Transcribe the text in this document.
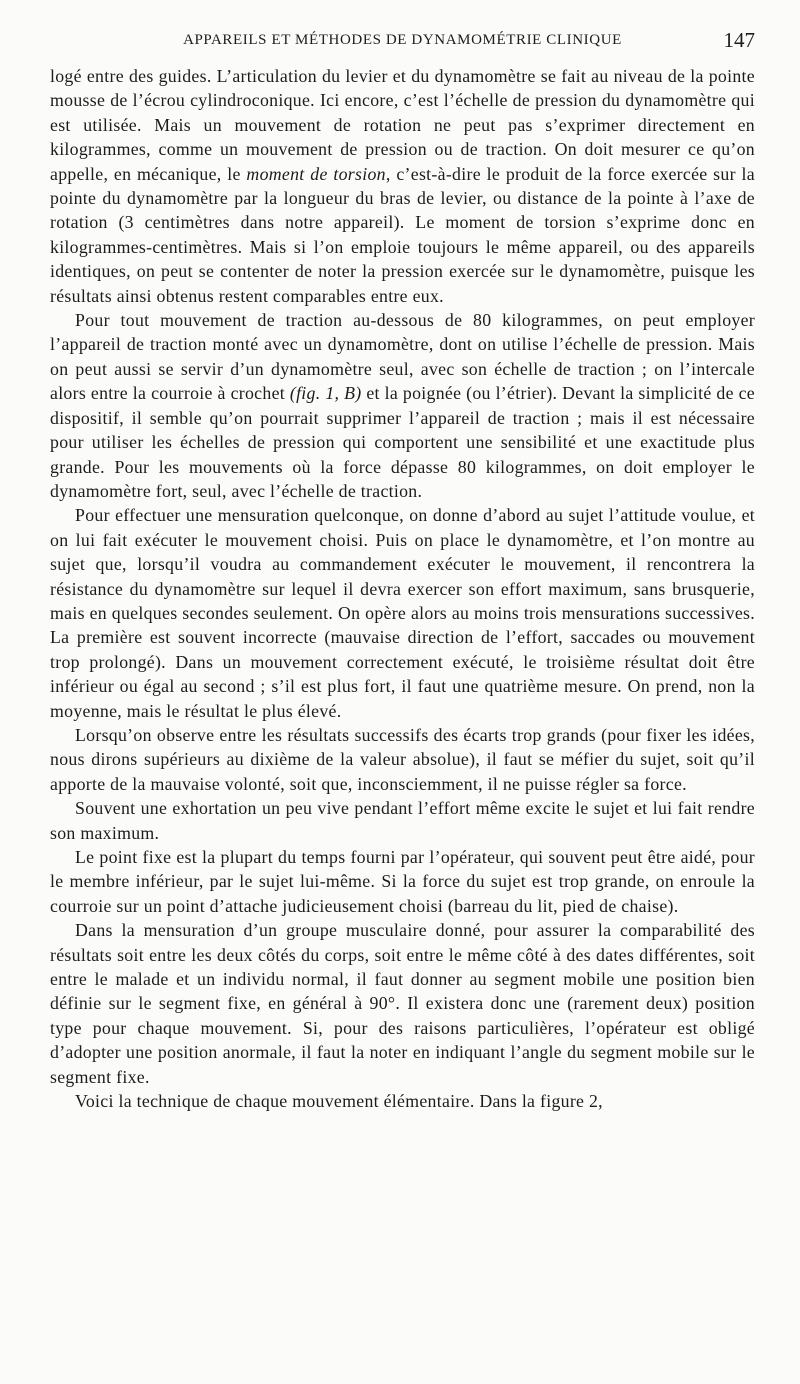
APPAREILS ET MÉTHODES DE DYNAMOMÉTRIE CLINIQUE	147

logé entre des guides. L’articulation du levier et du dynamomètre se fait au niveau de la pointe mousse de l’écrou cylindroconique. Ici encore, c’est l’échelle de pression du dynamomètre qui est utilisée. Mais un mouvement de rotation ne peut pas s’exprimer directement en kilogrammes, comme un mouvement de pression ou de traction. On doit mesurer ce qu’on appelle, en mécanique, le moment de torsion, c’est-à-dire le produit de la force exercée sur la pointe du dynamomètre par la longueur du bras de levier, ou distance de la pointe à l’axe de rotation (3 centimètres dans notre appareil). Le moment de torsion s’exprime donc en kilogrammes-centimètres. Mais si l’on emploie toujours le même appareil, ou des appareils identiques, on peut se contenter de noter la pression exercée sur le dynamomètre, puisque les résultats ainsi obtenus restent comparables entre eux.

Pour tout mouvement de traction au-dessous de 80 kilogrammes, on peut employer l’appareil de traction monté avec un dynamomètre, dont on utilise l’échelle de pression. Mais on peut aussi se servir d’un dynamomètre seul, avec son échelle de traction ; on l’intercale alors entre la courroie à crochet (fig. 1, B) et la poignée (ou l’étrier). Devant la simplicité de ce dispositif, il semble qu’on pourrait supprimer l’appareil de traction ; mais il est nécessaire pour utiliser les échelles de pression qui comportent une sensibilité et une exactitude plus grande. Pour les mouvements où la force dépasse 80 kilogrammes, on doit employer le dynamomètre fort, seul, avec l’échelle de traction.

Pour effectuer une mensuration quelconque, on donne d’abord au sujet l’attitude voulue, et on lui fait exécuter le mouvement choisi. Puis on place le dynamomètre, et l’on montre au sujet que, lorsqu’il voudra au commandement exécuter le mouvement, il rencontrera la résistance du dynamomètre sur lequel il devra exercer son effort maximum, sans brusquerie, mais en quelques secondes seulement. On opère alors au moins trois mensurations successives. La première est souvent incorrecte (mauvaise direction de l’effort, saccades ou mouvement trop prolongé). Dans un mouvement correctement exécuté, le troisième résultat doit être inférieur ou égal au second ; s’il est plus fort, il faut une quatrième mesure. On prend, non la moyenne, mais le résultat le plus élevé.

Lorsqu’on observe entre les résultats successifs des écarts trop grands (pour fixer les idées, nous dirons supérieurs au dixième de la valeur absolue), il faut se méfier du sujet, soit qu’il apporte de la mauvaise volonté, soit que, inconsciemment, il ne puisse régler sa force.

Souvent une exhortation un peu vive pendant l’effort même excite le sujet et lui fait rendre son maximum.

Le point fixe est la plupart du temps fourni par l’opérateur, qui souvent peut être aidé, pour le membre inférieur, par le sujet lui-même. Si la force du sujet est trop grande, on enroule la courroie sur un point d’attache judicieusement choisi (barreau du lit, pied de chaise).

Dans la mensuration d’un groupe musculaire donné, pour assurer la comparabilité des résultats soit entre les deux côtés du corps, soit entre le même côté à des dates différentes, soit entre le malade et un individu normal, il faut donner au segment mobile une position bien définie sur le segment fixe, en général à 90°. Il existera donc une (rarement deux) position type pour chaque mouvement. Si, pour des raisons particulières, l’opérateur est obligé d’adopter une position anormale, il faut la noter en indiquant l’angle du segment mobile sur le segment fixe.

Voici la technique de chaque mouvement élémentaire. Dans la figure 2,
